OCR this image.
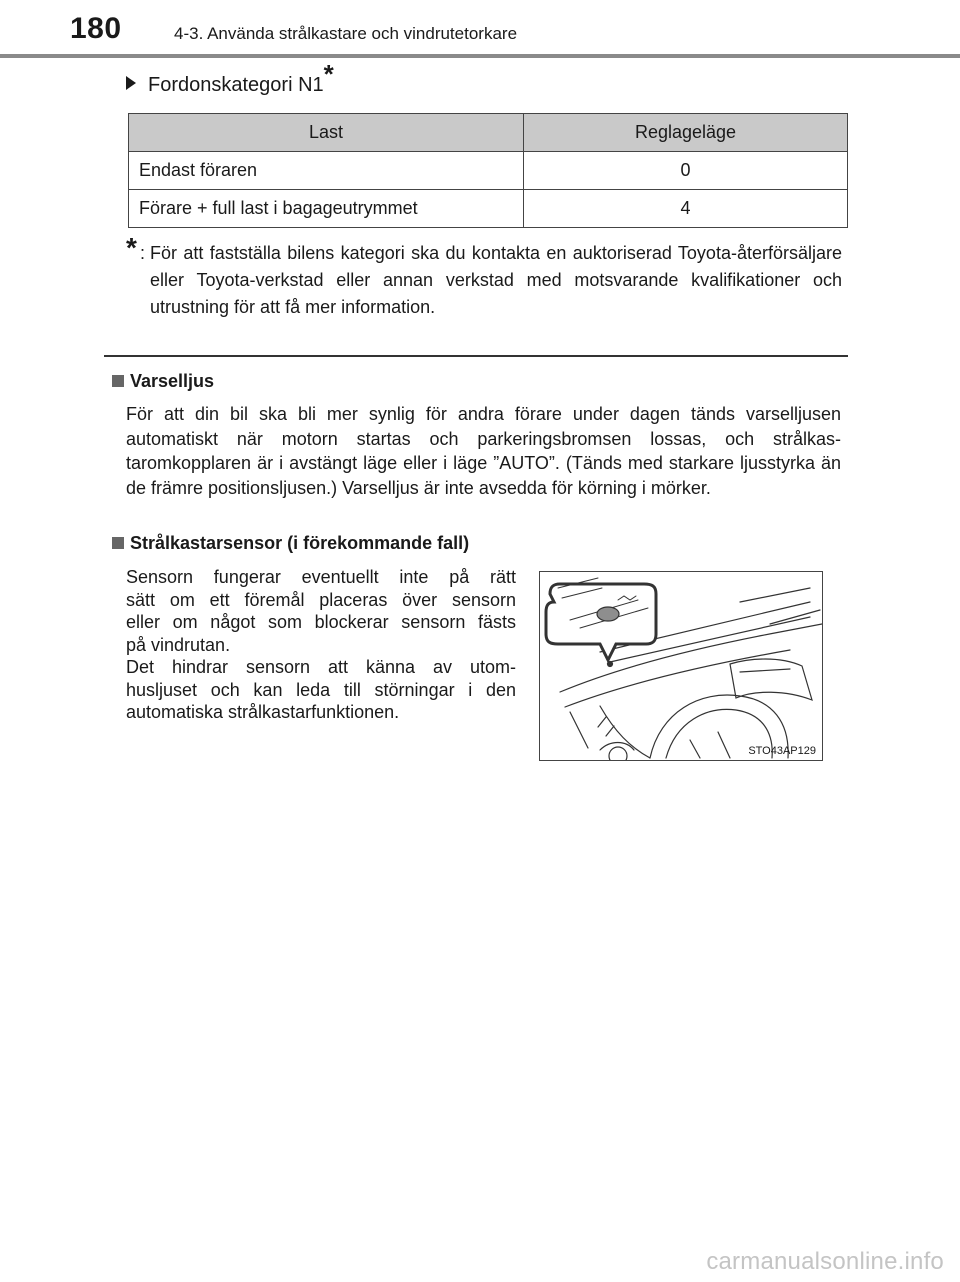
180	4-3. Använda strålkastare och vindrutetorkare
Fordonskategori N1*
Last	Reglageläge
Endast föraren	0
Förare + full last i bagageutrymmet	4
* : För att fastställa bilens kategori ska du kontakta en auktoriserad Toyota-återförsäljare eller Toyota-verkstad eller annan verkstad med motsvarande kvalifikationer och utrustning för att få mer information.
Varselljus
För att din bil ska bli mer synlig för andra förare under dagen tänds varselljusen automatiskt när motorn startas och parkeringsbromsen lossas, och strålkas-taromkopplaren är i avstängt läge eller i läge ”AUTO”. (Tänds med starkare ljusstyrka än de främre positionsljusen.) Varselljus är inte avsedda för körning i mörker.
Strålkastarsensor (i förekommande fall)
Sensorn fungerar eventuellt inte på rätt
sätt om ett föremål placeras över sensorn
eller om något som blockerar sensorn fästs
på vindrutan.
Det hindrar sensorn att känna av utom-
husljuset och kan leda till störningar i den
automatiska strålkastarfunktionen.
STO43AP129
carmanualsonline.info
